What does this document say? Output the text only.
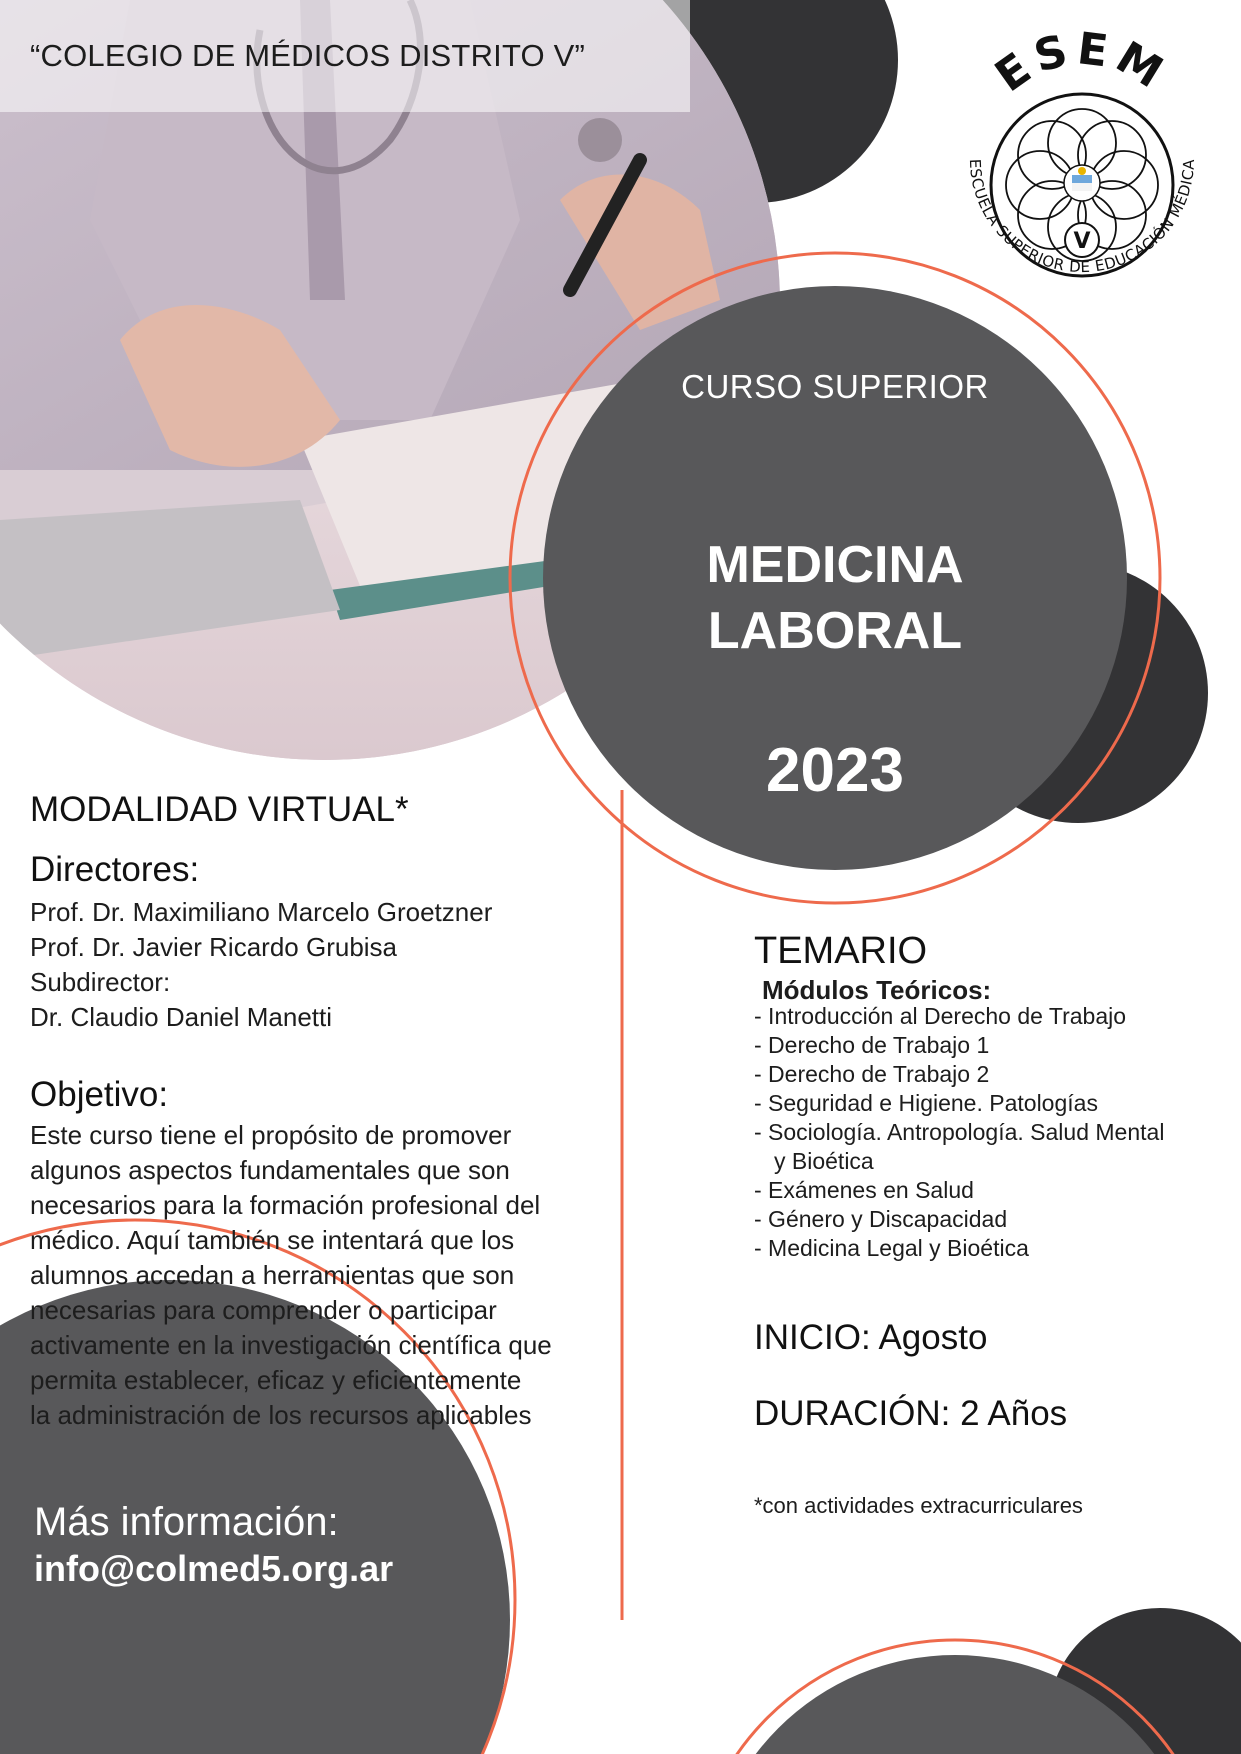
“COLEGIO DE MÉDICOS DISTRITO V”	ESEM
ESCUELA SUPERIOR DE EDUCACIÓN MÉDICA
V
CURSO SUPERIOR
MEDICINA
LABORAL
2023
MODALIDAD VIRTUAL*
Directores:
Prof. Dr. Maximiliano Marcelo Groetzner
Prof. Dr. Javier Ricardo Grubisa
Subdirector:
Dr. Claudio Daniel Manetti
Objetivo:
Este curso tiene el propósito de promover
algunos aspectos fundamentales que son
necesarios para la formación profesional del
médico. Aquí también se intentará que los
alumnos accedan a herramientas que son
necesarias para comprender o participar
activamente en la investigación científica que
permita establecer, eficaz y eficientemente
la administración de los recursos aplicables
TEMARIO
Módulos Teóricos:
- Introducción al Derecho de Trabajo
- Derecho de Trabajo 1
- Derecho de Trabajo 2
- Seguridad e Higiene. Patologías
- Sociología. Antropología. Salud Mental
y Bioética
- Exámenes en Salud
- Género y Discapacidad
- Medicina Legal y Bioética
INICIO: Agosto
DURACIÓN: 2 Años
*con actividades extracurriculares
Más información:
info@colmed5.org.ar
